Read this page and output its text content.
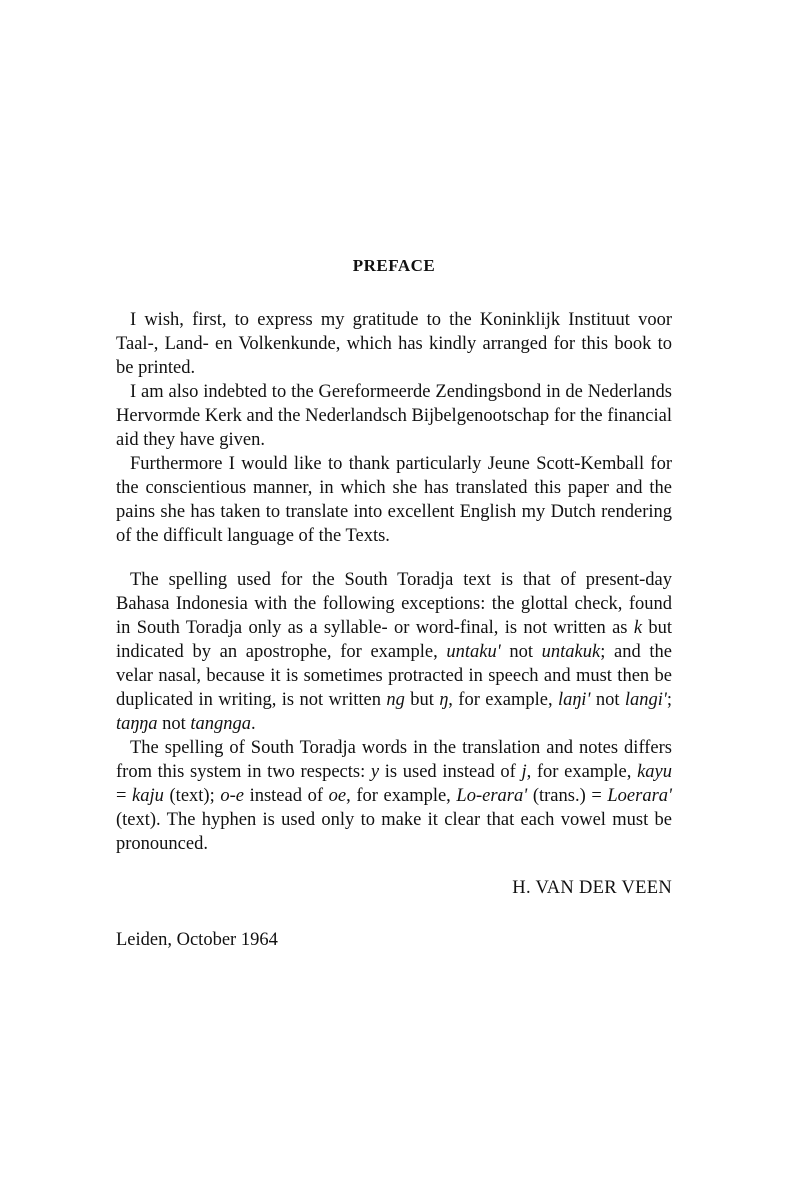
PREFACE

I wish, first, to express my gratitude to the Koninklijk Instituut voor Taal-, Land- en Volkenkunde, which has kindly arranged for this book to be printed.

I am also indebted to the Gereformeerde Zendingsbond in de Nederlands Hervormde Kerk and the Nederlandsch Bijbelgenootschap for the financial aid they have given.

Furthermore I would like to thank particularly Jeune Scott-Kemball for the conscientious manner, in which she has translated this paper and the pains she has taken to translate into excellent English my Dutch rendering of the difficult language of the Texts.

The spelling used for the South Toradja text is that of present-day Bahasa Indonesia with the following exceptions: the glottal check, found in South Toradja only as a syllable- or word-final, is not written as k but indicated by an apostrophe, for example, untaku' not untakuk; and the velar nasal, because it is sometimes protracted in speech and must then be duplicated in writing, is not written ng but ŋ, for example, laŋi' not langi'; taŋŋa not tangnga.

The spelling of South Toradja words in the translation and notes differs from this system in two respects: y is used instead of j, for example, kayu = kaju (text); o-e instead of oe, for example, Lo-erara' (trans.) = Loerara' (text). The hyphen is used only to make it clear that each vowel must be pronounced.

H. VAN DER VEEN
Leiden, October 1964
